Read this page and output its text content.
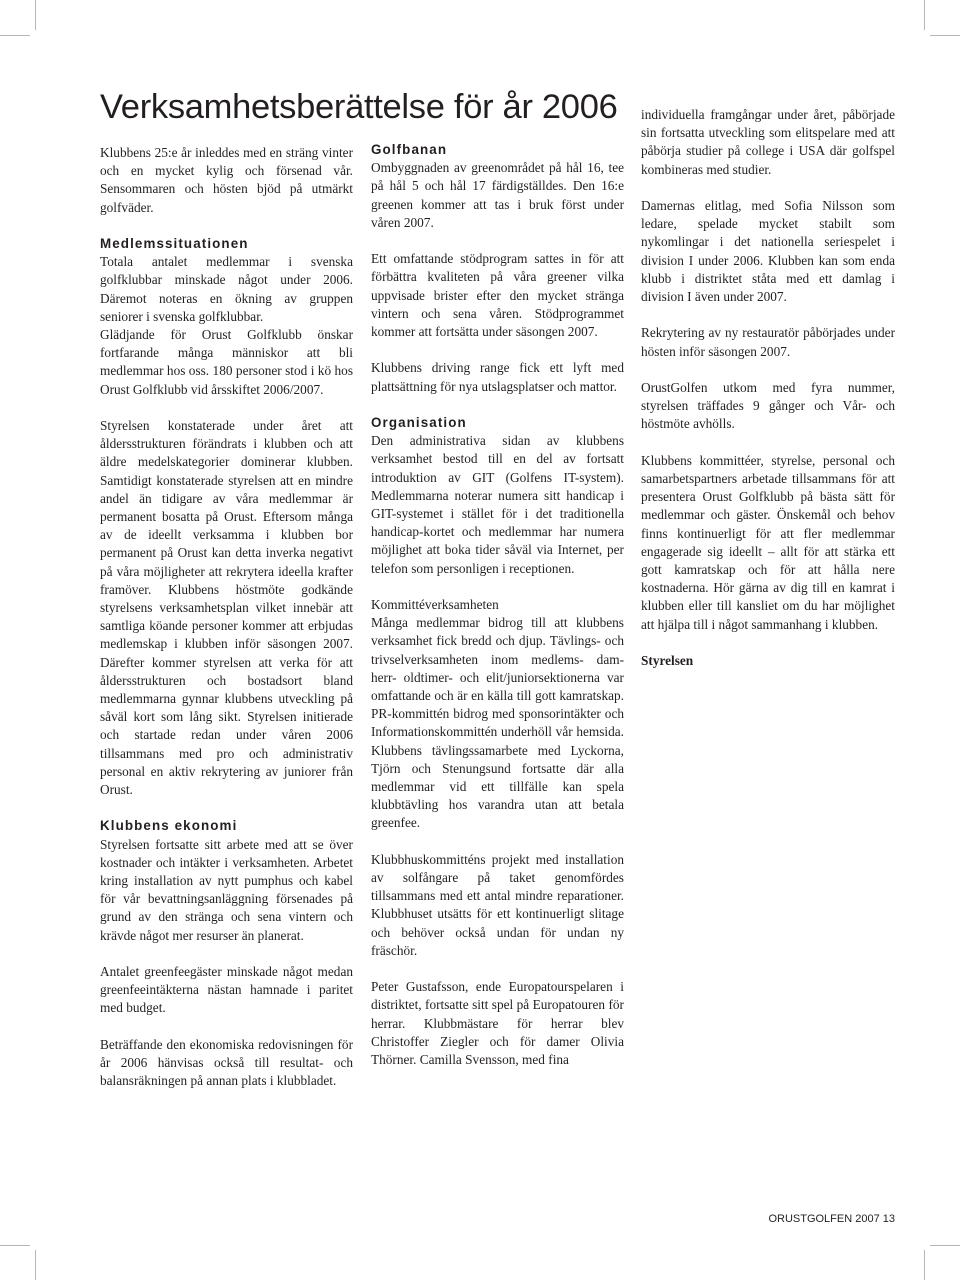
Verksamhetsberättelse för år 2006

Klubbens 25:e år inleddes med en sträng vinter och en mycket kylig och försenad vår. Sensommaren och hösten bjöd på utmärkt golfväder.

Medlemssituationen

Totala antalet medlemmar i svenska golfklubbar minskade något under 2006. Däremot noteras en ökning av gruppen seniorer i svenska golfklubbar.

Glädjande för Orust Golfklubb önskar fortfarande många människor att bli medlemmar hos oss. 180 personer stod i kö hos Orust Golfklubb vid årsskiftet 2006/2007.

Styrelsen konstaterade under året att åldersstrukturen förändrats i klubben och att äldre medelskategorier dominerar klubben. Samtidigt konstaterade styrelsen att en mindre andel än tidigare av våra medlemmar är permanent bosatta på Orust. Eftersom många av de ideellt verksamma i klubben bor permanent på Orust kan detta inverka negativt på våra möjligheter att rekrytera ideella krafter framöver. Klubbens höstmöte godkände styrelsens verksamhetsplan vilket innebär att samtliga köande personer kommer att erbjudas medlemskap i klubben inför säsongen 2007. Därefter kommer styrelsen att verka för att åldersstrukturen och bostadsort bland medlemmarna gynnar klubbens utveckling på såväl kort som lång sikt. Styrelsen initierade och startade redan under våren 2006 tillsammans med pro och administrativ personal en aktiv rekrytering av juniorer från Orust.

Klubbens ekonomi

Styrelsen fortsatte sitt arbete med att se över kostnader och intäkter i verksamheten. Arbetet kring installation av nytt pumphus och kabel för vår bevattningsanläggning försenades på grund av den stränga och sena vintern och krävde något mer resurser än planerat.

Antalet greenfeegäster minskade något medan greenfeeintäkterna nästan hamnade i paritet med budget.

Beträffande den ekonomiska redovisningen för år 2006 hänvisas också till resultat- och balansräkningen på annan plats i klubbladet.

Golfbanan

Ombyggnaden av greenområdet på hål 16, tee på hål 5 och hål 17 färdigställdes. Den 16:e greenen kommer att tas i bruk först under våren 2007.

Ett omfattande stödprogram sattes in för att förbättra kvaliteten på våra greener vilka uppvisade brister efter den mycket stränga vintern och sena våren. Stödprogrammet kommer att fortsätta under säsongen 2007.

Klubbens driving range fick ett lyft med plattsättning för nya utslagsplatser och mattor.

Organisation

Den administrativa sidan av klubbens verksamhet bestod till en del av fortsatt introduktion av GIT (Golfens IT-system). Medlemmarna noterar numera sitt handicap i GIT-systemet i stället för i det traditionella handicap-kortet och medlemmar har numera möjlighet att boka tider såväl via Internet, per telefon som personligen i receptionen.

Kommittéverksamheten

Många medlemmar bidrog till att klubbens verksamhet fick bredd och djup. Tävlings- och trivselverksamheten inom medlems- dam- herr- oldtimer- och elit/juniorsektionerna var omfattande och är en källa till gott kamratskap. PR-kommittén bidrog med sponsorintäkter och Informationskommittén underhöll vår hemsida. Klubbens tävlingssamarbete med Lyckorna, Tjörn och Stenungsund fortsatte där alla medlemmar vid ett tillfälle kan spela klubbtävling hos varandra utan att betala greenfee.

Klubbhuskommitténs projekt med installation av solfångare på taket genomfördes tillsammans med ett antal mindre reparationer. Klubbhuset utsätts för ett kontinuerligt slitage och behöver också undan för undan ny fräschör.

Peter Gustafsson, ende Europatourspelaren i distriktet, fortsatte sitt spel på Europatouren för herrar. Klubbmästare för herrar blev Christoffer Ziegler och för damer Olivia Thörner. Camilla Svensson, med fina

individuella framgångar under året, påbörjade sin fortsatta utveckling som elitspelare med att påbörja studier på college i USA där golfspel kombineras med studier.

Damernas elitlag, med Sofia Nilsson som ledare, spelade mycket stabilt som nykomlingar i det nationella seriespelet i division I under 2006. Klubben kan som enda klubb i distriktet ståta med ett damlag i division I även under 2007.

Rekrytering av ny restauratör påbörjades under hösten inför säsongen 2007.

OrustGolfen utkom med fyra nummer, styrelsen träffades 9 gånger och Vår- och höstmöte avhölls.

Klubbens kommittéer, styrelse, personal och samarbetspartners arbetade tillsammans för att presentera Orust Golfklubb på bästa sätt för medlemmar och gäster. Önskemål och behov finns kontinuerligt för att fler medlemmar engagerade sig ideellt – allt för att stärka ett gott kamratskap och för att hålla nere kostnaderna. Hör gärna av dig till en kamrat i klubben eller till kansliet om du har möjlighet att hjälpa till i något sammanhang i klubben.

Styrelsen

ORUSTGOLFEN 2007 13
